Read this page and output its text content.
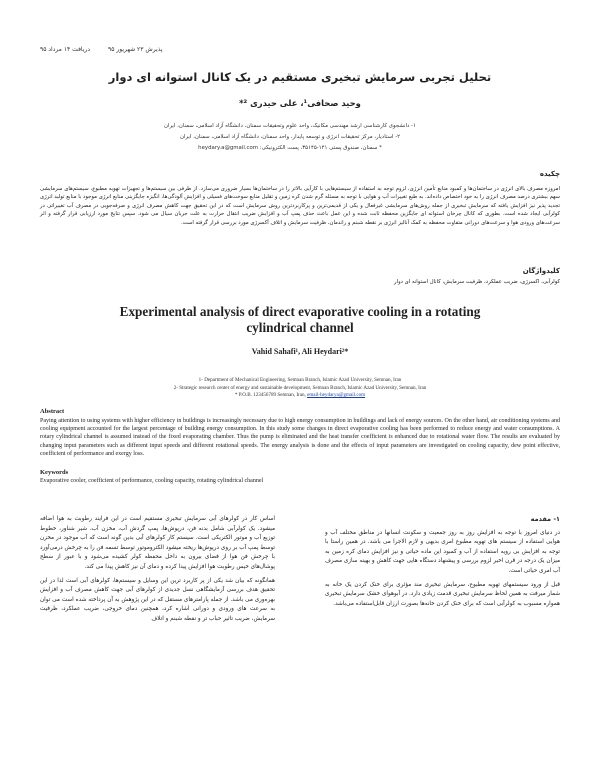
پذیرش ۲۳ شهریور ۹۵
دریافت ۱۴ مرداد ۹۵
تحلیل تجربی سرمایش تبخیری مستقیم در یک کانال استوانه ای دوار
وحید صحافی¹، علی حیدری ²*
۱- دانشجوی کارشناسی ارشد مهندسی مکانیک، واحد علوم وتحقیقات سمنان، دانشگاه آزاد اسلامی، سمنان، ایران
۲- استادیار، مرکز تحقیقات انرژی و توسعه پایدار، واحد سمنان، دانشگاه آزاد اسلامی، سمنان، ایران
* سمنان، صندوق پستی ۱۴۱-۳۵۱۴۵، پست الکترونیکی: heydary.a@gmail.com
چکیده
امروزه مصرف بالای انرژی در ساختمان‌ها و کمبود منابع تأمین انرژی، لزوم توجه به استفاده از سیستم‌هایی با کارآیی بالاتر را در ساختمان‌ها بسیار ضروری می‌سازد. از طرفی بین سیستم‌ها و تجهیزات تهویه مطبوع، سیستم‌های سرمایشی سهم بیشتری درصد مصرف انرژی را به خود اختصاص داده‌اند. به طبع تغییرات آب و هوایی با توجه به مسئله گرم شدن کره زمین و تقلیل منابع سوخت‌های فسیلی و افزایش آلودگی‌ها، انگیزه جایگزینی منابع انرژی موجود با منابع تولید انرژی تجدید پذیر نیز افزایش یافته که سرمایش تبخیری از جمله روش‌های سرمایشی غیرفعال و یکی از قدیمی‌ترین و پرکاربرد‌ترین روش سرمایش است که در این تحقیق جهت کاهش مصرف انرژی و صرفه‌جویی در مصرف آب تغییراتی در کولرآبی ایجاد شده است. بطوری که کانال چرخان استوانه ای جایگزین محفظه ثابت شده و این عمل باعث حذف پمپ آب و افزایش ضریب انتقال حرارت به علت جریان سیال می شود. سپس نتایج مورد ارزیابی قرار گرفته و اثر سرعت‌های ورودی هوا و سرعت‌های دورانی متفاوت محفظه به کمک آنالیز انرژی بر نقطه شبنم و راندمان، ظرفیت سرمایش و اتلاف آکسرژی مورد بررسی قرار گرفته است.
کلیدواژگان
کولرآبی، اکسرژی، ضریب عملکرد، ظرفیت سرمایش، کانال استوانه ای دوار
Experimental analysis of direct evaporative cooling in a rotating cylindrical channel
Vahid Sahafi¹, Ali Heydari²*
1- Department of Mechanical Engineering, Semnan Branch, Islamic Azad University, Semnan, Iran
2- Strategic research center of energy and sustainable development, Semnan Branch, Islamic Azad University, Semnan, Iran
* P.O.B. 123456789 Semnan, Iran, email-heydarya@gmail.com
Abstract
Paying attention to using systems with higher efficiency in buildings is increasingly necessary due to high energy consumption in buildings and lack of energy sources. On the other hand, air conditioning systems and cooling equipment accounted for the largest percentage of building energy consumption. In this study some changes in direct evaporative cooling has been performed to reduce energy and water consumptions. A rotary cylindrical channel is assumed instead of the fixed evaporating chamber. Thus the pump is eliminated and the heat transfer coefficient is enhanced due to rotational water flow. The results are evaluated by changing input parameters such as different input speeds and different rotational speeds. The energy analysis is done and the effects of input parameters are investigated on cooling capacity, dew point effective, coefficient of performance and exergy loss.
Keywords
Evaporative cooler, coefficient of performance, cooling capacity, rotating cylindrical channel
۱- مقدمه

در دنیای امروز با توجه به افزایش روز به روز جمعیت و سکونت انسانها در مناطق مختلف آب و هوایی استفاده از سیستم های تهویه مطبوع امری بدیهی و لازم الاجرا می باشد. در همین راستا با توجه به افزایش بی رویه استفاده از آب و کمبود این ماده حیاتی و نیز افزایش دمای کره زمین به میزان یک درجه در قرن اخیر لزوم بررسی و پیشنهاد دستگاه هایی جهت کاهش و بهینه سازی مصرف آب امری حیاتی است.

قبل از ورود سیستمهای تهویه مطبوع، سرمایش تبخیری مند مؤثری برای خنک کردن یک خانه به شمار میرفت به همین لحاظ سرمایش تبخیری قدمت زیادی دارد. در آبوهوای خشک سرمایش تبخیری همواره مسبوب به کولرآبی است که برای خنک کردن خانه‌ها بصورت ارزان قابل‌استفاده می‌باشد.

اساس کار در کولرهای آبی سرمایش تبخیری مستقیم است در این فرایند رطوبت به هوا اضافه میشود. یک کولرآبی شامل بدنه فن، درپوش‌ها، پمپ گردش آب، مخزن آب، شیر شناور، خطوط توزیع آب و موتور الکتریکی است. سیستم کار کولرهای آبی بدین گونه است که آب موجود در مخزن توسط پمپ آب بر روی درپوش‌ها ریخته میشود الکتروموتور توسط تسمه فن را به چرخش درمی‌آورد با چرخش فن هوا از فضای بیرون به داخل محفظه کولر کشیده می‌شود و با عبور از سطح پوشال‌های خیس رطوبت هوا افزایش پیدا کرده و دمای آن نیز کاهش پیدا می کند.

همانگونه که بیان شد یکی از پر کاربرد ترین این وسایل و سیستم‌ها، کولرهای آبی است لذا در این تحقیق هدف بررسی آزمایشگاهی نسل جدیدی از کولرهای آبی جهت کاهش مصرف آب و افزایش بهره‌وری می باشد. از جمله پارامترهای مستقل که در این پژوهش به آن پرداخته شده است می توان به سرعت های ورودی و دورانی اشاره کرد، همچنین دمای خروجی، ضریب عملکرد، ظرفیت سرمایش، ضریب تاثیر حباب تر و نقطه شبنم و اتلاف
